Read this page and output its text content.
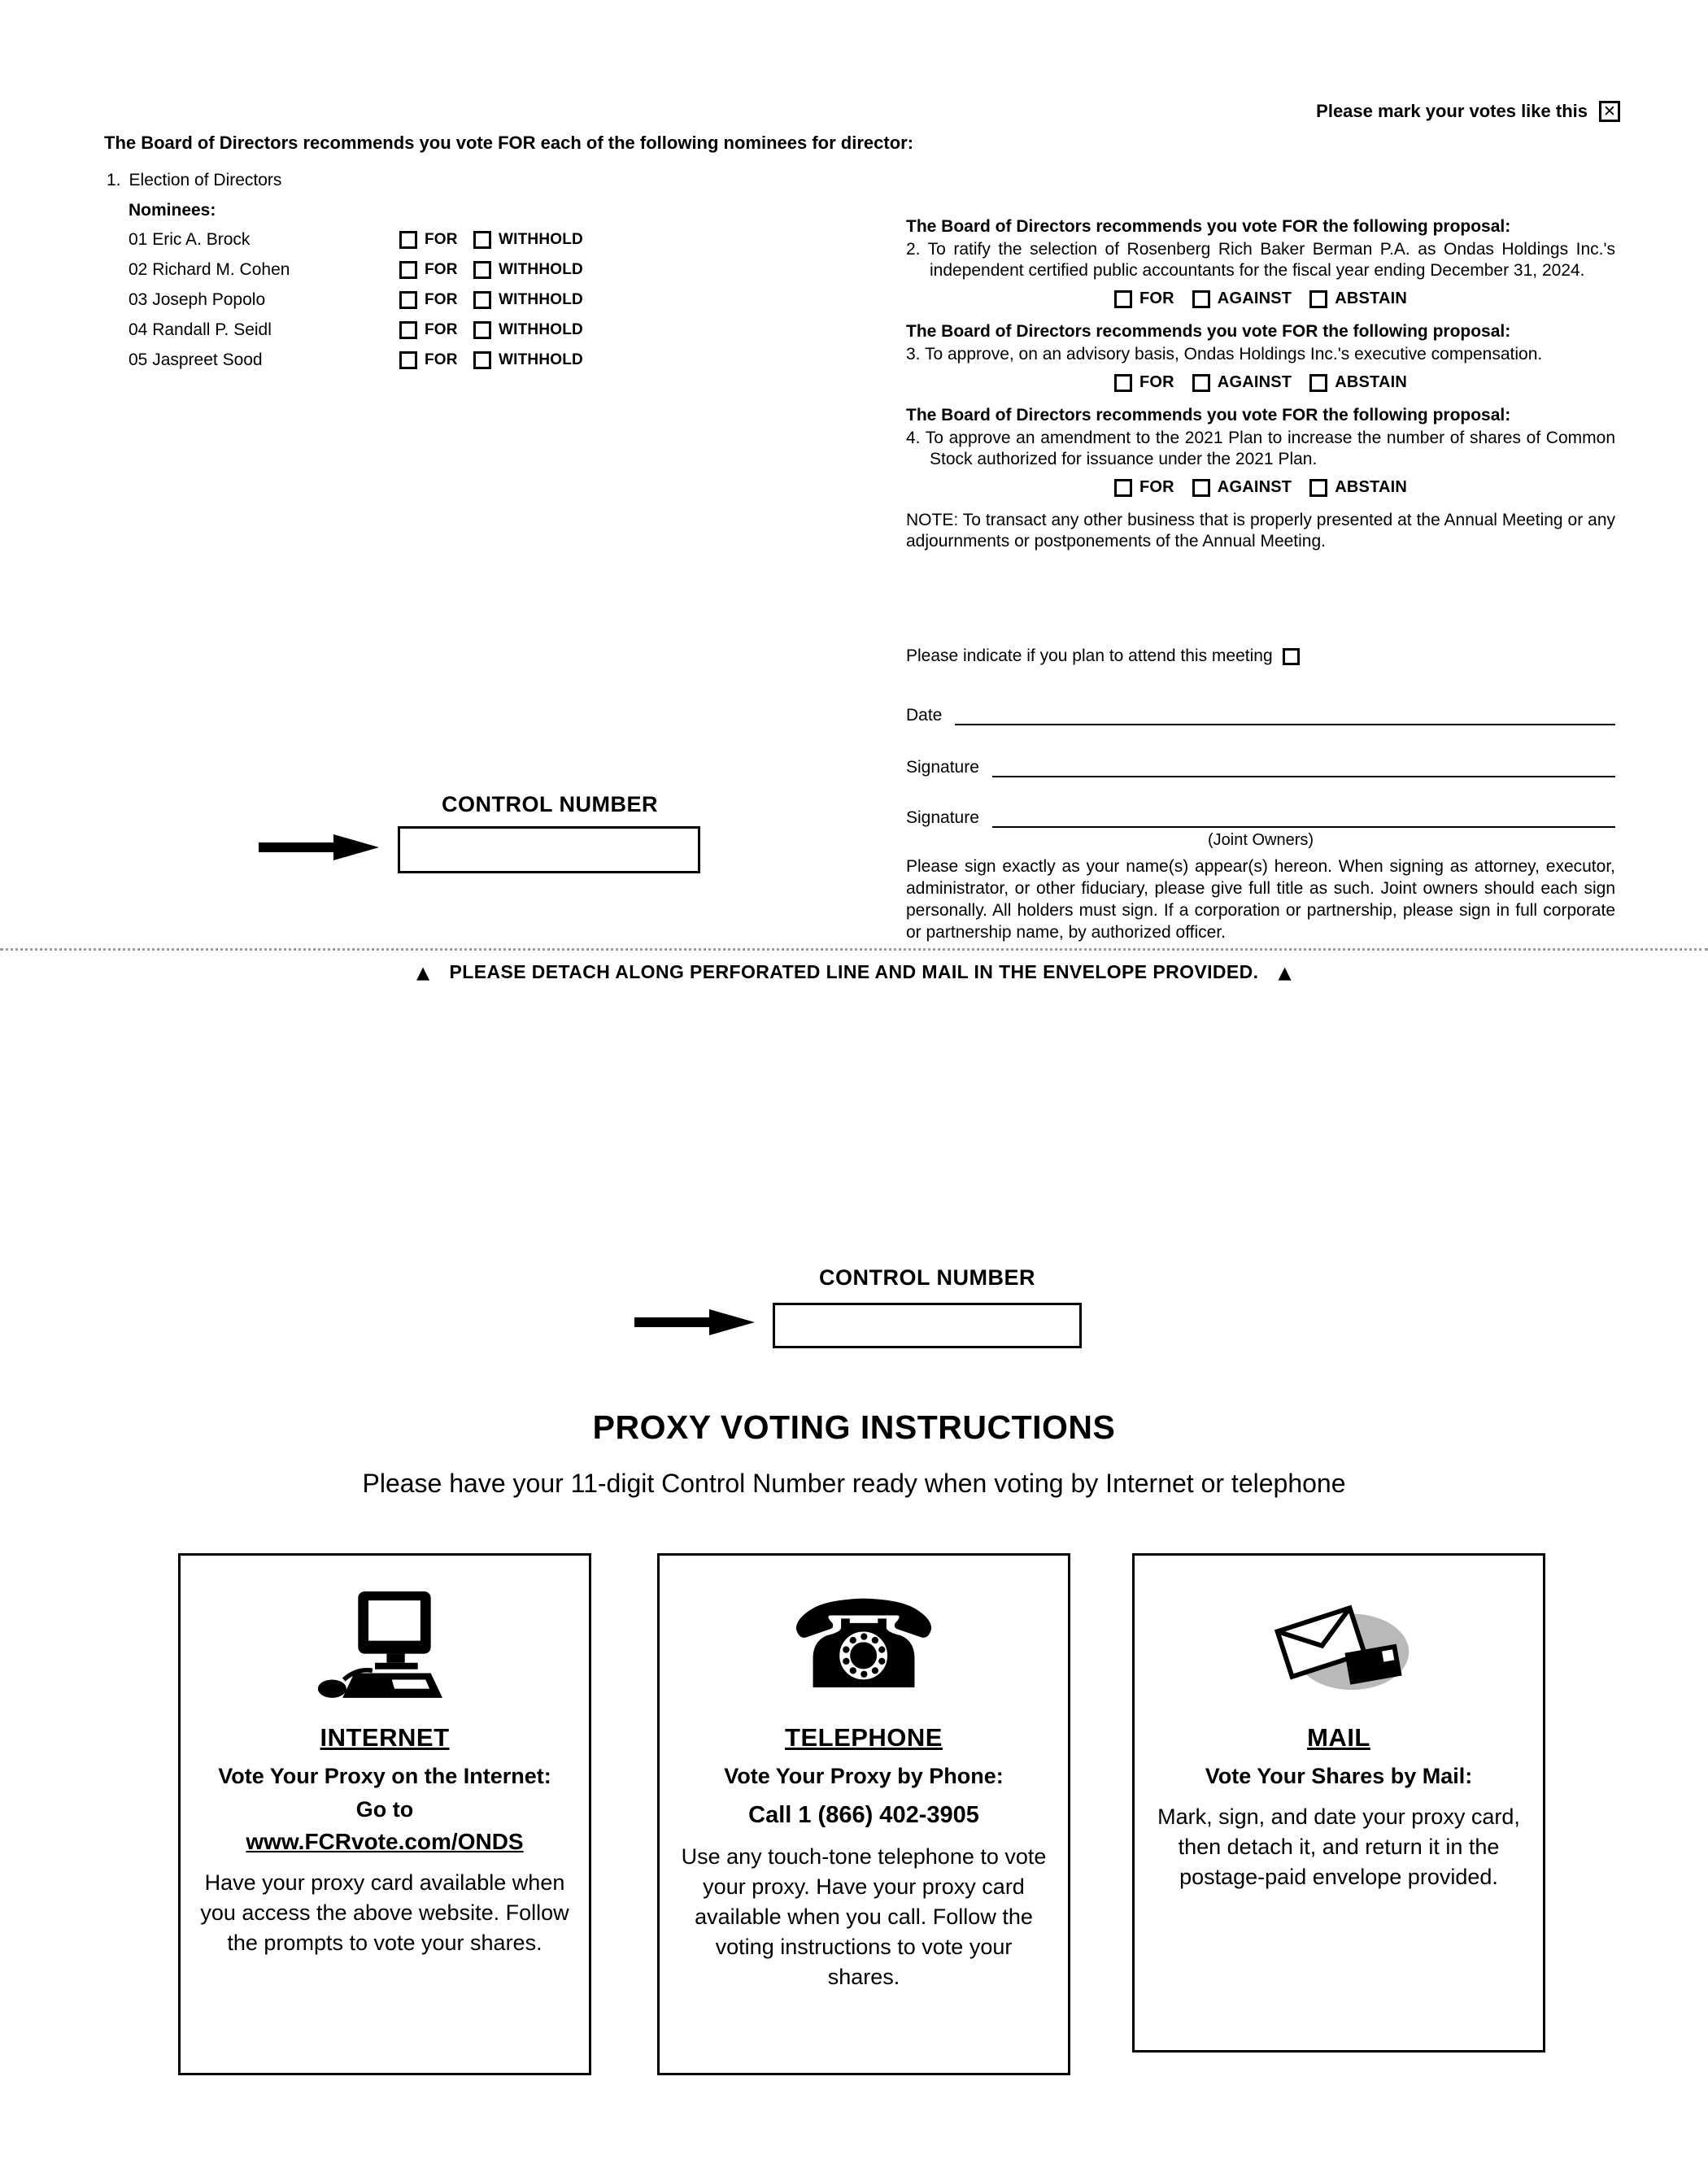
Please mark your votes like this ✕
The Board of Directors recommends you vote FOR each of the following nominees for director:
1. Election of Directors
Nominees:
01 Eric A. Brock	FOR	WITHHOLD
02 Richard M. Cohen	FOR	WITHHOLD
03 Joseph Popolo	FOR	WITHHOLD
04 Randall P. Seidl	FOR	WITHHOLD
05 Jaspreet Sood	FOR	WITHHOLD
The Board of Directors recommends you vote FOR the following proposal:
2. To ratify the selection of Rosenberg Rich Baker Berman P.A. as Ondas Holdings Inc.'s independent certified public accountants for the fiscal year ending December 31, 2024.
FOR	AGAINST	ABSTAIN
The Board of Directors recommends you vote FOR the following proposal:
3. To approve, on an advisory basis, Ondas Holdings Inc.'s executive compensation.
FOR	AGAINST	ABSTAIN
The Board of Directors recommends you vote FOR the following proposal:
4. To approve an amendment to the 2021 Plan to increase the number of shares of Common Stock authorized for issuance under the 2021 Plan.
FOR	AGAINST	ABSTAIN
NOTE: To transact any other business that is properly presented at the Annual Meeting or any adjournments or postponements of the Annual Meeting.
Please indicate if you plan to attend this meeting
Date
Signature
Signature
(Joint Owners)
Please sign exactly as your name(s) appear(s) hereon. When signing as attorney, executor, administrator, or other fiduciary, please give full title as such. Joint owners should each sign personally. All holders must sign. If a corporation or partnership, please sign in full corporate or partnership name, by authorized officer.
CONTROL NUMBER
▲ PLEASE DETACH ALONG PERFORATED LINE AND MAIL IN THE ENVELOPE PROVIDED. ▲
CONTROL NUMBER
PROXY VOTING INSTRUCTIONS
Please have your 11-digit Control Number ready when voting by Internet or telephone
INTERNET
Vote Your Proxy on the Internet:
Go to
www.FCRvote.com/ONDS
Have your proxy card available when you access the above website. Follow the prompts to vote your shares.
☎
TELEPHONE
Vote Your Proxy by Phone:
Call 1 (866) 402-3905
Use any touch-tone telephone to vote your proxy. Have your proxy card available when you call. Follow the voting instructions to vote your shares.
MAIL
Vote Your Shares by Mail:
Mark, sign, and date your proxy card, then detach it, and return it in the postage-paid envelope provided.
